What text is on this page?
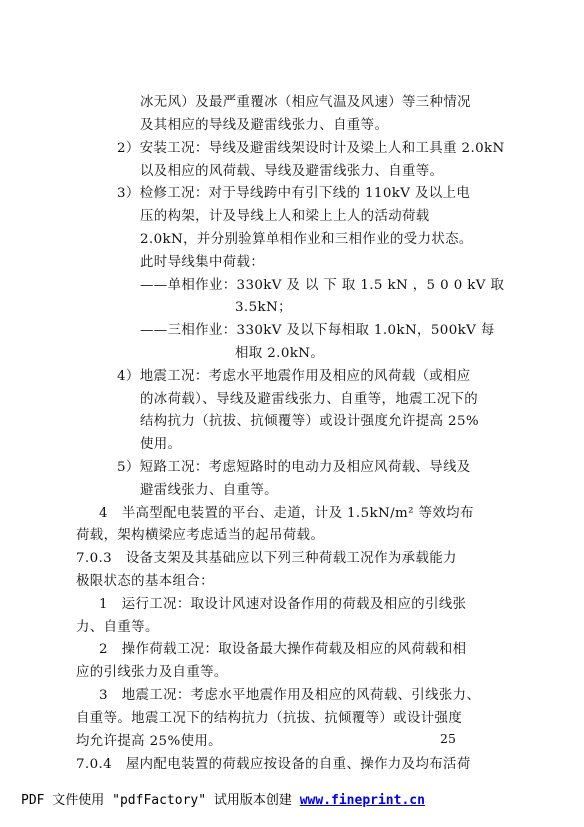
冰无风）及最严重覆冰（相应气温及风速）等三种情况
及其相应的导线及避雷线张力、自重等。
2）安装工况：导线及避雷线架设时计及梁上人和工具重 2.0kN
以及相应的风荷载、导线及避雷线张力、自重等。
3）检修工况：对于导线跨中有引下线的 110kV 及以上电
压的构架，计及导线上人和梁上上人的活动荷载
2.0kN，并分别验算单相作业和三相作业的受力状态。
此时导线集中荷载：
——单相作业：330kV 及 以 下 取 1.5 kN ，5 0 0 kV 取
3.5kN；
——三相作业：330kV 及以下每相取 1.0kN，500kV 每
相取 2.0kN。
4）地震工况：考虑水平地震作用及相应的风荷载（或相应
的冰荷载）、导线及避雷线张力、自重等，地震工况下的
结构抗力（抗拔、抗倾覆等）或设计强度允许提高 25%
使用。
5）短路工况：考虑短路时的电动力及相应风荷载、导线及
避雷线张力、自重等。
4　半高型配电装置的平台、走道，计及 1.5kN/m² 等效均布
荷载，架构横梁应考虑适当的起吊荷载。
7.0.3　设备支架及其基础应以下列三种荷载工况作为承载能力
极限状态的基本组合：
1　运行工况：取设计风速对设备作用的荷载及相应的引线张
力、自重等。
2　操作荷载工况：取设备最大操作荷载及相应的风荷载和相
应的引线张力及自重等。
3　地震工况：考虑水平地震作用及相应的风荷载、引线张力、
自重等。地震工况下的结构抗力（抗拔、抗倾覆等）或设计强度
均允许提高 25%使用。
7.0.4　屋内配电装置的荷载应按设备的自重、操作力及均布活荷
25
PDF 文件使用 "pdfFactory" 试用版本创建 www.fineprint.cn
